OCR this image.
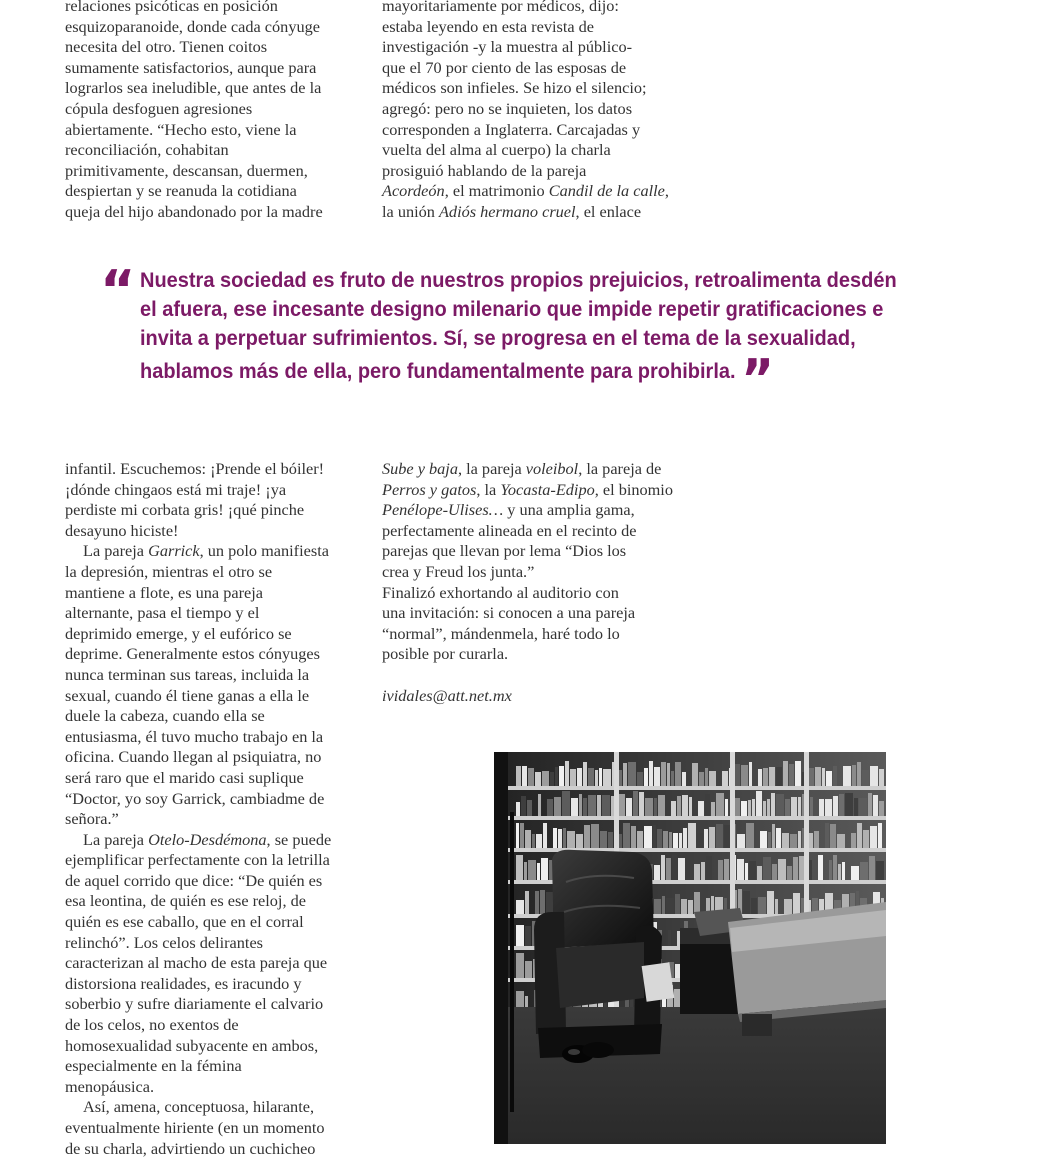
relaciones psicóticas en posición

esquizoparanoide, donde cada cónyuge

necesita del otro. Tienen coitos

sumamente satisfactorios, aunque para

lograrlos sea ineludible, que antes de la

cópula desfoguen agresiones

abiertamente. “Hecho esto, viene la

reconciliación, cohabitan

primitivamente, descansan, duermen,

despiertan y se reanuda la cotidiana

queja del hijo abandonado por la madre

mayoritariamente por médicos, dijo:

estaba leyendo en esta revista de

investigación -y la muestra al público-

que el 70 por ciento de las esposas de

médicos son infieles. Se hizo el silencio;

agregó: pero no se inquieten, los datos

corresponden a Inglaterra. Carcajadas y

vuelta del alma al cuerpo) la charla

prosiguió hablando de la pareja

Acordeón, el matrimonio Candil de la calle,

la unión Adiós hermano cruel, el enlace

“ Nuestra sociedad es fruto de nuestros propios prejuicios, retroalimenta desdén
el afuera, ese incesante designo milenario que impide repetir gratificaciones e
invita a perpetuar sufrimientos. Sí, se progresa en el tema de la sexualidad,
hablamos más de ella, pero fundamentalmente para prohibirla. ”

infantil. Escuchemos: ¡Prende el bóiler!

¡dónde chingaos está mi traje! ¡ya

perdiste mi corbata gris! ¡qué pinche

desayuno hiciste!

La pareja Garrick, un polo manifiesta

la depresión, mientras el otro se

mantiene a flote, es una pareja

alternante, pasa el tiempo y el

deprimido emerge, y el eufórico se

deprime. Generalmente estos cónyuges

nunca terminan sus tareas, incluida la

sexual, cuando él tiene ganas a ella le

duele la cabeza, cuando ella se

entusiasma, él tuvo mucho trabajo en la

oficina. Cuando llegan al psiquiatra, no

será raro que el marido casi suplique

“Doctor, yo soy Garrick, cambiadme de

señora.”

La pareja Otelo-Desdémona, se puede

ejemplificar perfectamente con la letrilla

de aquel corrido que dice: “De quién es

esa leontina, de quién es ese reloj, de

quién es ese caballo, que en el corral

relinchó”. Los celos delirantes

caracterizan al macho de esta pareja que

distorsiona realidades, es iracundo y

soberbio y sufre diariamente el calvario

de los celos, no exentos de

homosexualidad subyacente en ambos,

especialmente en la fémina

menopáusica.

Así, amena, conceptuosa, hilarante,

eventualmente hiriente (en un momento

de su charla, advirtiendo un cuchicheo

Sube y baja, la pareja voleibol, la pareja de

Perros y gatos, la Yocasta-Edipo, el binomio

Penélope-Ulises… y una amplia gama,

perfectamente alineada en el recinto de

parejas que llevan por lema “Dios los

crea y Freud los junta.”

Finalizó exhortando al auditorio con

una invitación: si conocen a una pareja

“normal”, mándenmela, haré todo lo

posible por curarla.

ividales@att.net.mx
